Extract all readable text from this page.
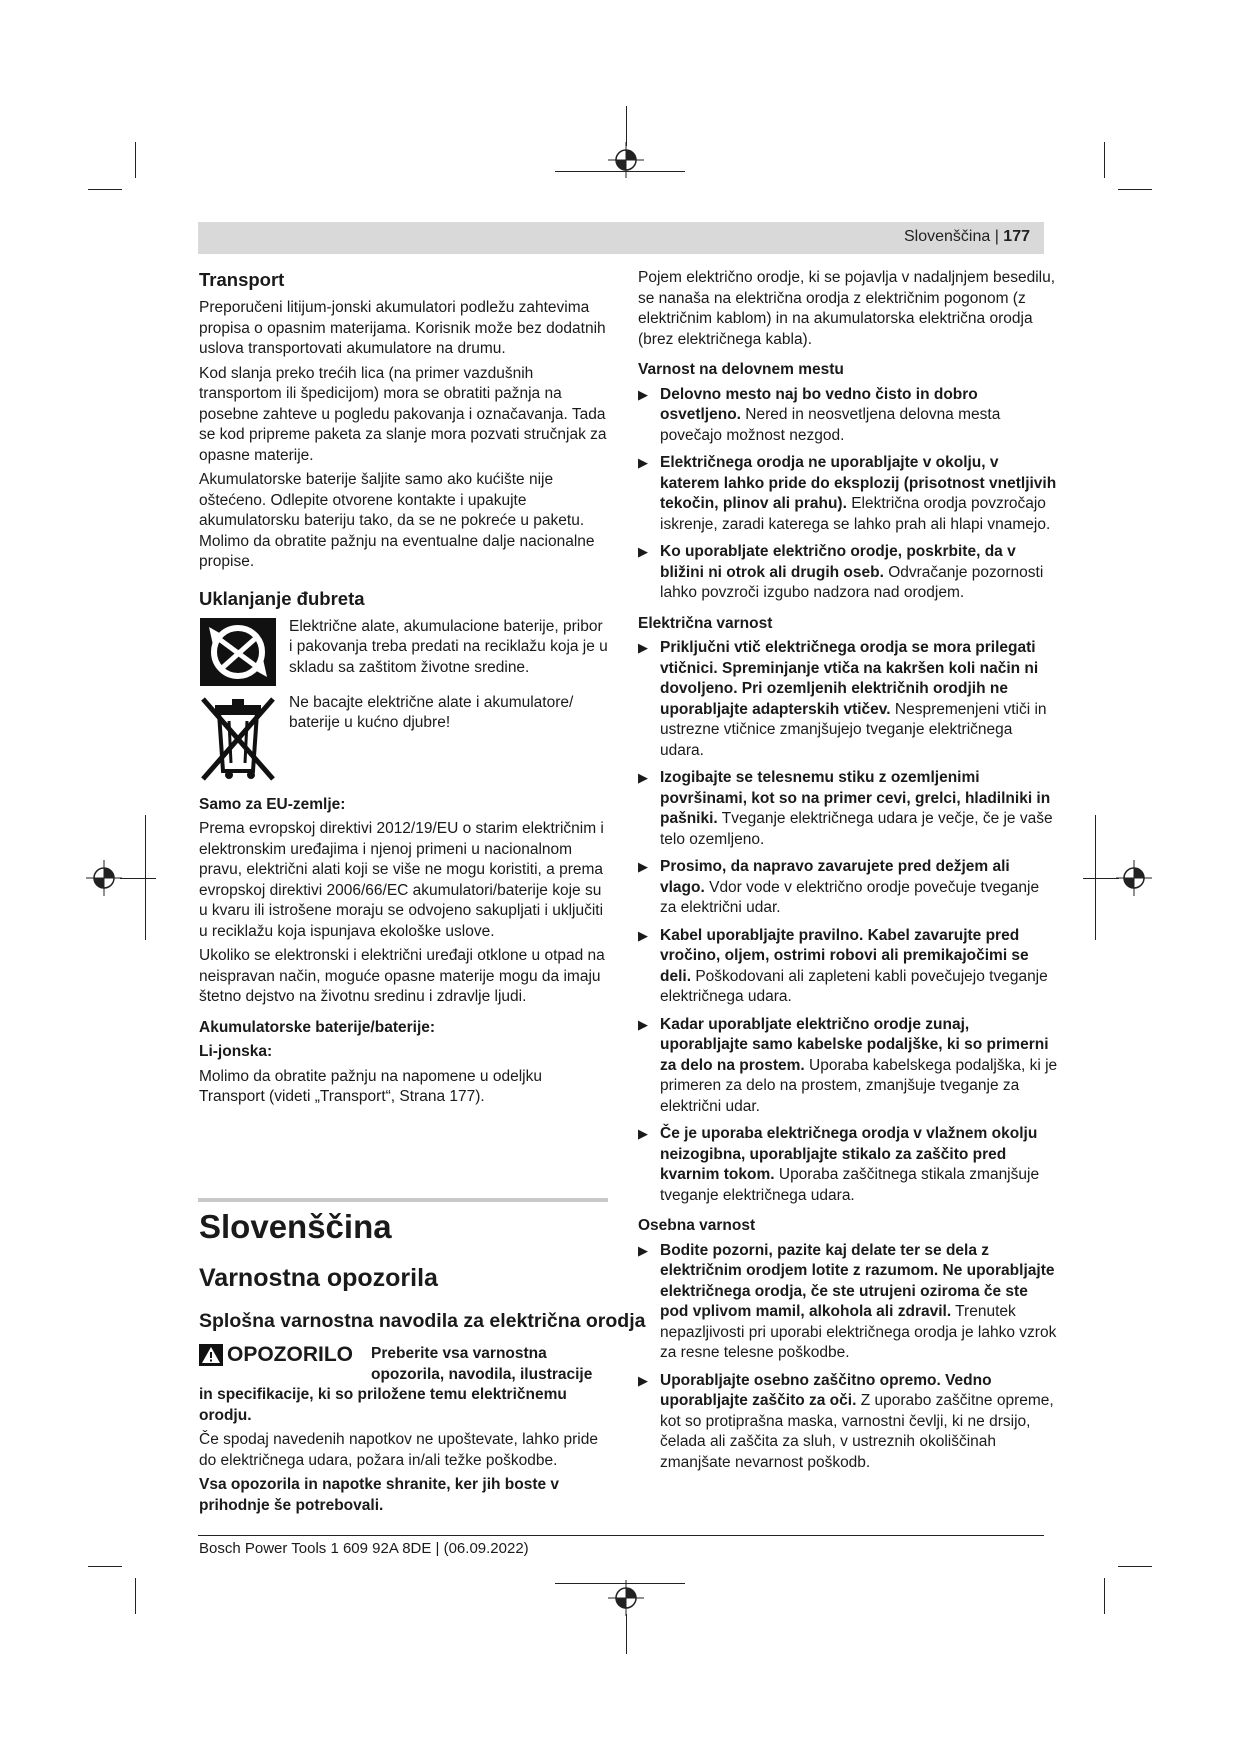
Slovenščina | 177
Transport

Preporučeni litijum-jonski akumulatori podležu zahtevima propisa o opasnim materijama. Korisnik može bez dodatnih uslova transportovati akumulatore na drumu.

Kod slanja preko trećih lica (na primer vazdušnih transportom ili špedicijom) mora se obratiti pažnja na posebne zahteve u pogledu pakovanja i označavanja. Tada se kod pripreme paketa za slanje mora pozvati stručnjak za opasne materije.

Akumulatorske baterije šaljite samo ako kućište nije oštećeno. Odlepite otvorene kontakte i upakujte akumulatorsku bateriju tako, da se ne pokreće u paketu. Molimo da obratite pažnju na eventualne dalje nacionalne propise.

Uklanjanje đubreta

Električne alate, akumulacione baterije, pribor i pakovanja treba predati na reciklažu koja je u skladu sa zaštitom životne sredine.

Ne bacajte električne alate i akumulatore/ baterije u kućno djubre!

Samo za EU-zemlje:

Prema evropskoj direktivi 2012/19/EU o starim električnim i elektronskim uređajima i njenoj primeni u nacionalnom pravu, električni alati koji se više ne mogu koristiti, a prema evropskoj direktivi 2006/66/EC akumulatori/baterije koje su u kvaru ili istrošene moraju se odvojeno sakupljati i uključiti u reciklažu koja ispunjava ekološke uslove.

Ukoliko se elektronski i električni uređaji otklone u otpad na neispravan način, moguće opasne materije mogu da imaju štetno dejstvo na životnu sredinu i zdravlje ljudi.

Akumulatorske baterije/baterije:
Li-jonska:

Molimo da obratite pažnju na napomene u odeljku Transport (videti „Transport“, Strana 177).

Slovenščina
Varnostna opozorila
Splošna varnostna navodila za električna orodja
OPOZORILO	Preberite vsa varnostna opozorila, navodila, ilustracije in specifikacije, ki so priložene temu električnemu orodju.

Če spodaj navedenih napotkov ne upoštevate, lahko pride do električnega udara, požara in/ali težke poškodbe.

Vsa opozorila in napotke shranite, ker jih boste v prihodnje še potrebovali.

Pojem električno orodje, ki se pojavlja v nadaljnjem besedilu, se nanaša na električna orodja z električnim pogonom (z električnim kablom) in na akumulatorska električna orodja (brez električnega kabla).

Varnost na delovnem mestu
▶ Delovno mesto naj bo vedno čisto in dobro osvetljeno. Nered in neosvetljena delovna mesta povečajo možnost nezgod.
▶ Električnega orodja ne uporabljajte v okolju, v katerem lahko pride do eksplozij (prisotnost vnetljivih tekočin, plinov ali prahu). Električna orodja povzročajo iskrenje, zaradi katerega se lahko prah ali hlapi vnamejo.
▶ Ko uporabljate električno orodje, poskrbite, da v bližini ni otrok ali drugih oseb. Odvračanje pozornosti lahko povzroči izgubo nadzora nad orodjem.
Električna varnost
▶ Priključni vtič električnega orodja se mora prilegati vtičnici. Spreminjanje vtiča na kakršen koli način ni dovoljeno. Pri ozemljenih električnih orodjih ne uporabljajte adapterskih vtičev. Nespremenjeni vtiči in ustrezne vtičnice zmanjšujejo tveganje električnega udara.
▶ Izogibajte se telesnemu stiku z ozemljenimi površinami, kot so na primer cevi, grelci, hladilniki in pašniki. Tveganje električnega udara je večje, če je vaše telo ozemljeno.
▶ Prosimo, da napravo zavarujete pred dežjem ali vlago. Vdor vode v električno orodje povečuje tveganje za električni udar.
▶ Kabel uporabljajte pravilno. Kabel zavarujte pred vročino, oljem, ostrimi robovi ali premikajočimi se deli. Poškodovani ali zapleteni kabli povečujejo tveganje električnega udara.
▶ Kadar uporabljate električno orodje zunaj, uporabljajte samo kabelske podaljške, ki so primerni za delo na prostem. Uporaba kabelskega podaljška, ki je primeren za delo na prostem, zmanjšuje tveganje za električni udar.
▶ Če je uporaba električnega orodja v vlažnem okolju neizogibna, uporabljajte stikalo za zaščito pred kvarnim tokom. Uporaba zaščitnega stikala zmanjšuje tveganje električnega udara.
Osebna varnost
▶ Bodite pozorni, pazite kaj delate ter se dela z električnim orodjem lotite z razumom. Ne uporabljajte električnega orodja, če ste utrujeni oziroma če ste pod vplivom mamil, alkohola ali zdravil. Trenutek nepazljivosti pri uporabi električnega orodja je lahko vzrok za resne telesne poškodbe.
▶ Uporabljajte osebno zaščitno opremo. Vedno uporabljajte zaščito za oči. Z uporabo zaščitne opreme, kot so protiprašna maska, varnostni čevlji, ki ne drsijo, čelada ali zaščita za sluh, v ustreznih okoliščinah zmanjšate nevarnost poškodb.
Bosch Power Tools 1 609 92A 8DE | (06.09.2022)
